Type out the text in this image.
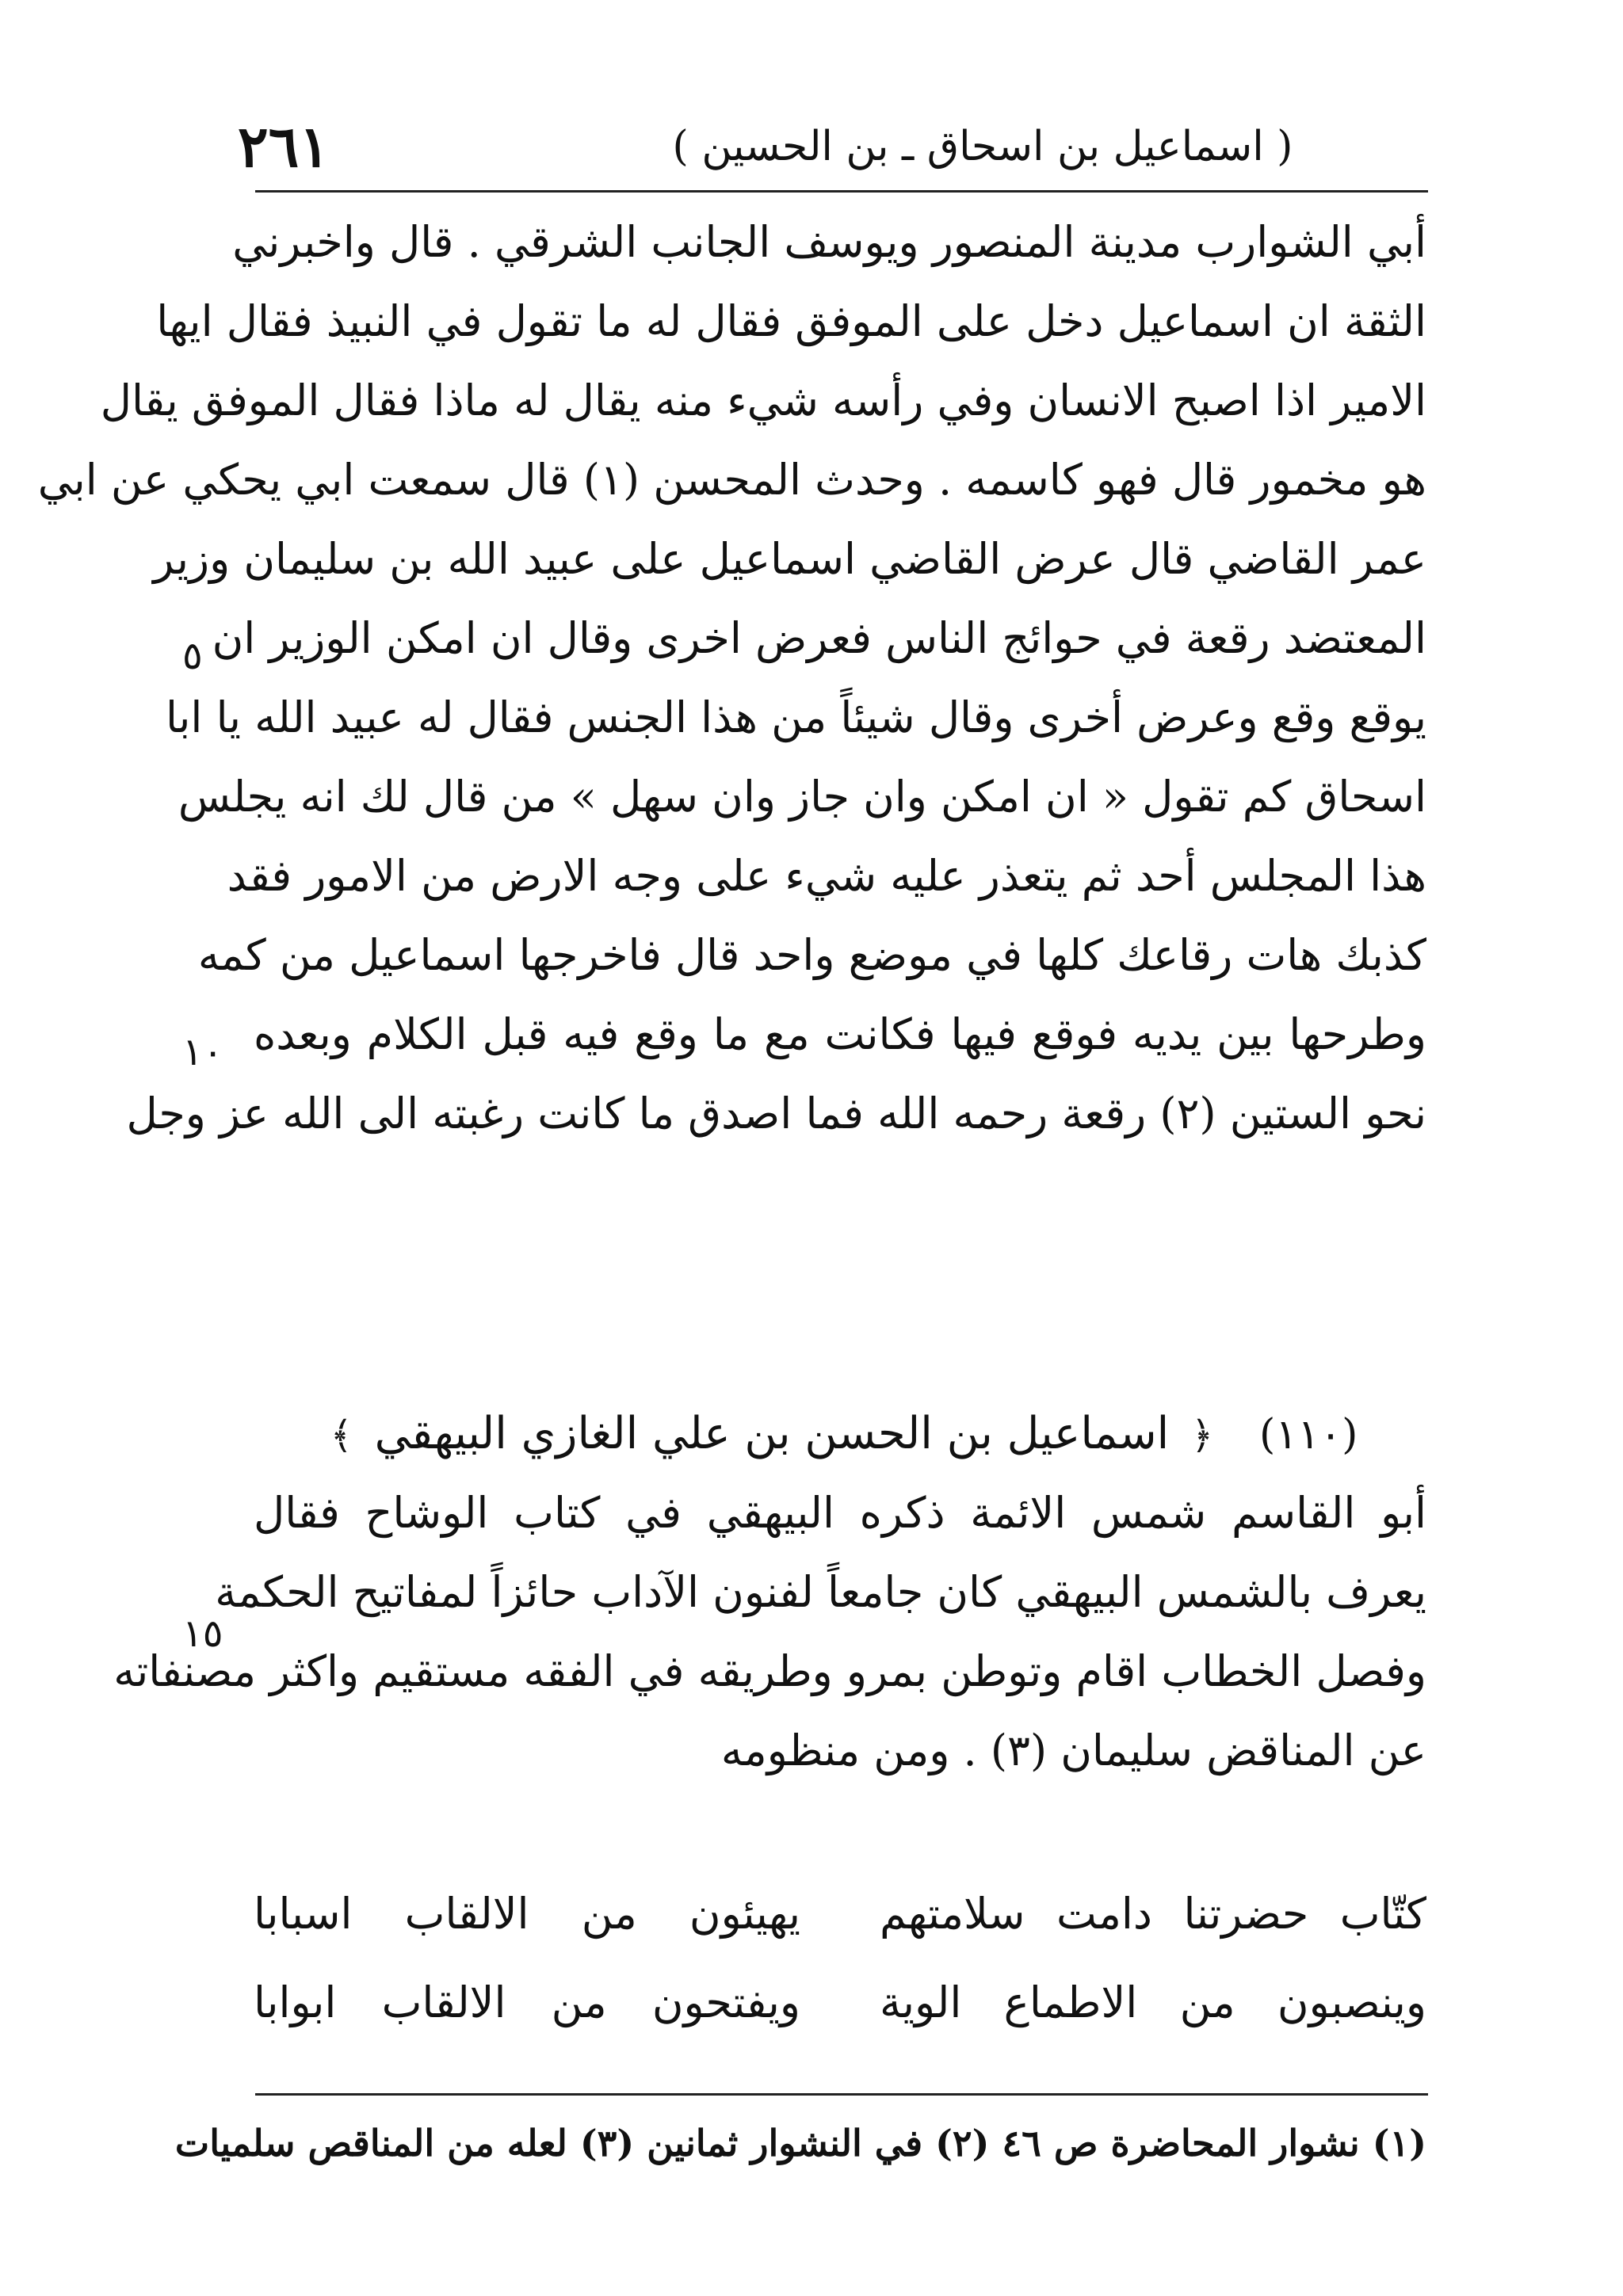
٢٦١	( اسماعيل بن اسحاق ـ بن الحسين )
أبي الشوارب مدينة المنصور ويوسف الجانب الشرقي . قال واخبرني
الثقة ان اسماعيل دخل على الموفق فقال له ما تقول في النبيذ فقال ايها
الامير اذا اصبح الانسان وفي رأسه شيء منه يقال له ماذا فقال الموفق يقال
هو مخمور قال فهو كاسمه . وحدث المحسن (١) قال سمعت ابي يحكي عن ابي
عمر القاضي قال عرض القاضي اسماعيل على عبيد الله بن سليمان وزير
المعتضد رقعة في حوائج الناس فعرض اخرى وقال ان امكن الوزير ان
يوقع وقع وعرض أخرى وقال شيئاً من هذا الجنس فقال له عبيد الله يا ابا
اسحاق كم تقول « ان امكن وان جاز وان سهل » من قال لك انه يجلس
هذا المجلس أحد ثم يتعذر عليه شيء على وجه الارض من الامور فقد
كذبك هات رقاعك كلها في موضع واحد قال فاخرجها اسماعيل من كمه
وطرحها بين يديه فوقع فيها فكانت مع ما وقع فيه قبل الكلام وبعده
نحو الستين (٢) رقعة رحمه الله فما اصدق ما كانت رغبته الى الله عز وجل
٥
١٠
١٥
(١١٠) ﴿ اسماعيل بن الحسن بن علي الغازي البيهقي ﴾
أبو القاسم شمس الائمة ذكره البيهقي في كتاب الوشاح فقال
يعرف بالشمس البيهقي كان جامعاً لفنون الآداب حائزاً لمفاتيح الحكمة
وفصل الخطاب اقام وتوطن بمرو وطريقه في الفقه مستقيم واكثر مصنفاته
عن المناقض سليمان (٣) . ومن منظومه
كتّاب حضرتنا دامت سلامتهم
يهيئون من الالقاب اسبابا
وينصبون من الاطماع الوية
ويفتحون من الالقاب ابوابا
(١) نشوار المحاضرة ص ٤٦ (٢) في النشوار ثمانين (٣) لعله من المناقص سلميات
